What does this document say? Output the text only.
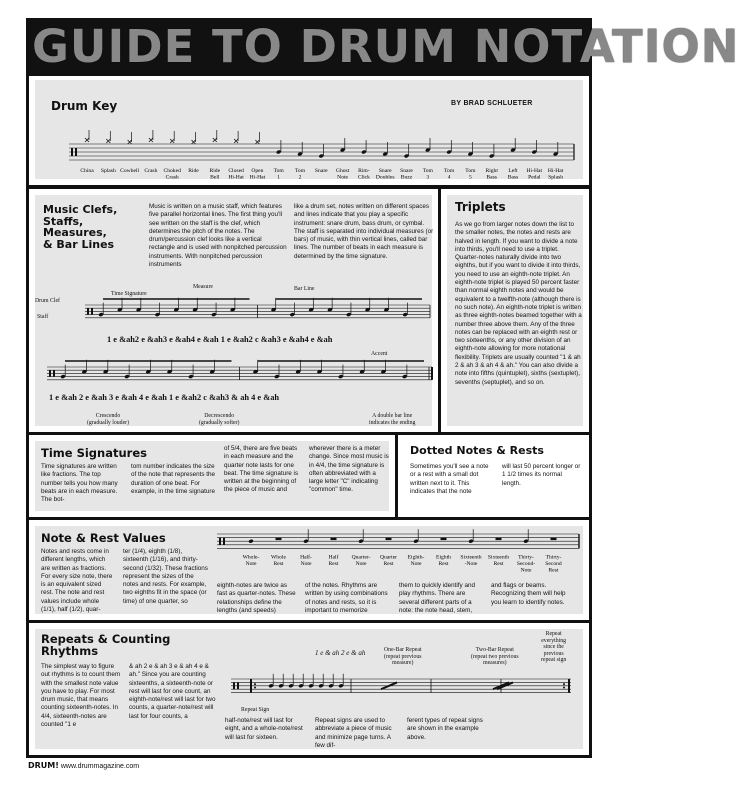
GUIDE TO DRUM NOTATION
Drum Key	BY BRAD SCHLUETER
China Splash Cowbell Crash Choked
Crash
Ride Ride
Bell
Closed
Hi-Hat
Open
Hi-Hat
Tom
1
Tom
2
Snare Ghost
Note
Rim-
Click
Snare
Doubles
Snare
Buzz
Tom
3
Tom
4
Tom
5
Right
Bass
Left
Bass
Hi-Hat
Pedal
Hi-Hat
Splash
Music Clefs,
Staffs,
Measures,
& Bar Lines
Music is written on a music staff, which features five parallel horizontal lines. The first thing you'll see written on the staff is the clef, which determines the pitch of the notes. The drum/percussion clef looks like a vertical rectangle and is used with nonpitched percussion instruments. With nonpitched percussion instruments
like a drum set, notes written on different spaces and lines indicate that you play a specific instrument: snare drum, bass drum, or cymbal. The staff is separated into individual measures (or bars) of music, with thin vertical lines, called bar lines. The number of beats in each measure is determined by the time signature.
Drum Clef
Time Signature
Measure	Bar Line
Staff
1 e &ah2 e &ah3 e &ah4 e &ah 1 e &ah2 c &ah3 e &ah4 e &ah
Accent
1 e &ah 2 e &ah 3 e &ah 4 e &ah 1 e &ah2 c &ah3 & ah 4 e &ah
Crescendo
(gradually louder)
Decrescendo
(gradually softer)
A double bar line
indicates the ending
Triplets
As we go from larger notes down the list to the smaller notes, the notes and rests are halved in length. If you want to divide a note into thirds, you'll need to use a triplet. Quarter-notes naturally divide into two eighths, but if you want to divide it into thirds, you need to use an eighth-note triplet. An eighth-note triplet is played 50 percent faster than normal eighth notes and would be equivalent to a twelfth-note (although there is no such note). An eighth-note triplet is written as three eighth-notes beamed together with a number three above them. Any of the three notes can be replaced with an eighth rest or two sixteenths, or any other division of an eighth-note allowing for more notational flexibility. Triplets are usually counted "1 & ah 2 & ah 3 & ah 4 & ah." You can also divide a note into fifths (quintuplet), sixths (sextuplet), sevenths (septuplet), and so on.
Time Signatures
Time signatures are written like fractions. The top number tells you how many beats are in each measure. The bot-
tom number indicates the size of the note that represents the duration of one beat. For example, in the time signature
of 5/4, there are five beats in each measure and the quarter note lasts for one beat. The time signature is written at the beginning of the piece of music and
wherever there is a meter change. Since most music is in 4/4, the time signature is often abbreviated with a large letter "C" indicating "common" time.
Dotted Notes & Rests
Sometimes you'll see a note or a rest with a small dot written next to it. This indicates that the note
will last 50 percent longer or 1 1/2 times its normal length.
Note & Rest Values
Notes and rests come in different lengths, which are written as fractions. For every size note, there is an equivalent sized rest. The note and rest values include whole (1/1), half (1/2), quar-
ter (1/4), eighth (1/8), sixteenth (1/16), and thirty-second (1/32). These fractions represent the sizes of the notes and rests. For example, two eighths fit in the space (or time) of one quarter, so
eighth-notes are twice as fast as quarter-notes. These relationships define the lengths (and speeds)
of the notes. Rhythms are written by using combinations of notes and rests, so it is important to memorize
them to quickly identify and play rhythms. There are several different parts of a note: the note head, stem,
and flags or beams. Recognizing them will help you learn to identify notes.
Whole-
Note
Whole
Rest
Half-
Note
Half
Rest
Quarter-
Note
Quarter
Rest
Eighth-
Note
Eighth
Rest
Sixteenth
-Note
Sixteenth
Rest
Thirty-
Second-
Note
Thirty-
Second
Rest
Repeats & Counting
Rhythms
The simplest way to figure out rhythms is to count them with the smallest note value you have to play. For most drum music, that means counting sixteenth-notes. In 4/4, sixteenth-notes are counted "1 e
& ah 2 e & ah 3 e & ah 4 e & ah." Since you are counting sixteenths, a sixteenth-note or rest will last for one count, an eighth-note/rest will last for two counts, a quarter-note/rest will last for four counts, a
half-note/rest will last for eight, and a whole-note/rest will last for sixteen.
Repeat signs are used to abbreviate a piece of music and minimize page turns. A few dif-
ferent types of repeat signs are shown in the example above.
1 e & ah 2 e & ah	One-Bar Repeat
(repeat previous
measure)
Two-Bar Repeat
(repeat two previous
measures)
Repeat
everything
since the
previous
repeat sign
Repeat Sign
DRUM! www.drummagazine.com
